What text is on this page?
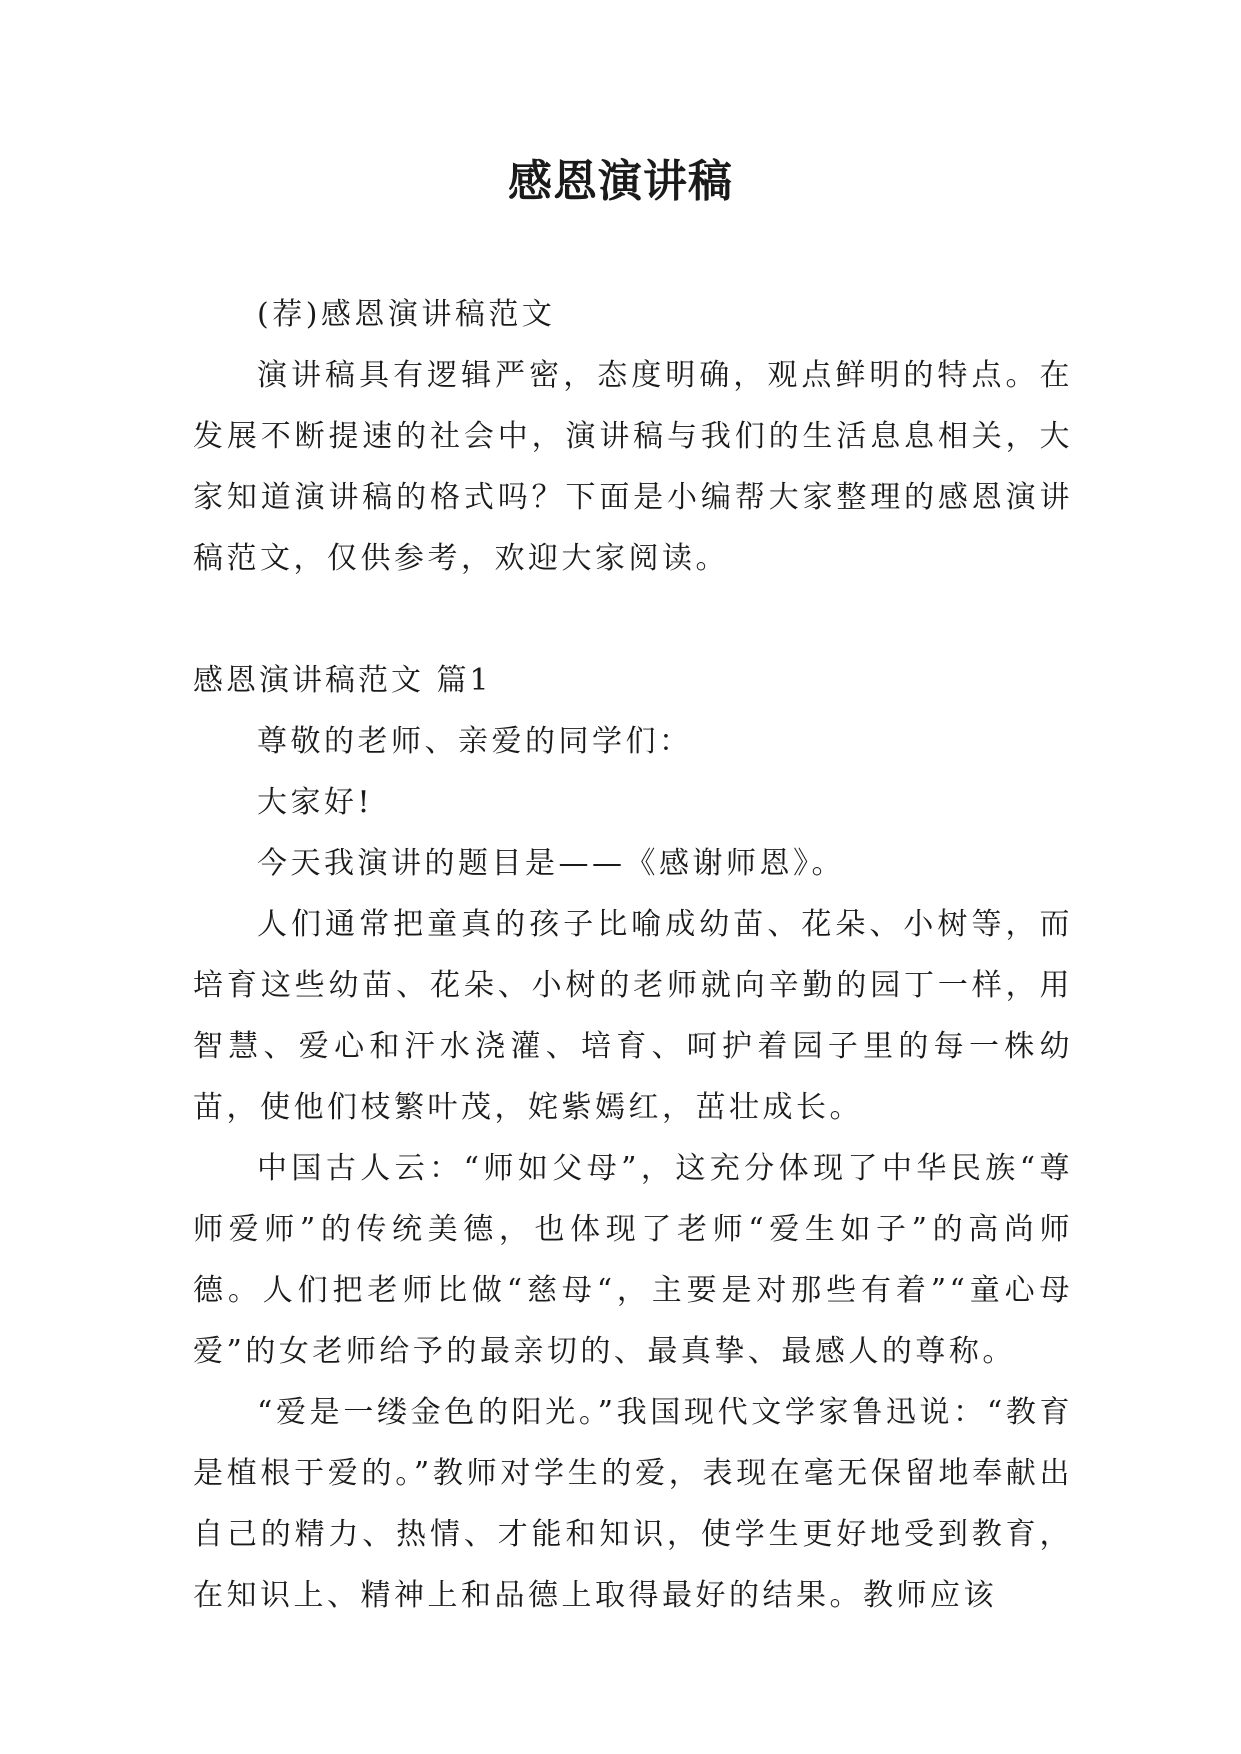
感恩演讲稿

(荐)感恩演讲稿范文

演讲稿具有逻辑严密，态度明确，观点鲜明的特点。在发展不断提速的社会中，演讲稿与我们的生活息息相关，大家知道演讲稿的格式吗？下面是小编帮大家整理的感恩演讲稿范文，仅供参考，欢迎大家阅读。

感恩演讲稿范文 篇1

尊敬的老师、亲爱的同学们：

大家好!

今天我演讲的题目是——《感谢师恩》。

人们通常把童真的孩子比喻成幼苗、花朵、小树等，而培育这些幼苗、花朵、小树的老师就向辛勤的园丁一样，用智慧、爱心和汗水浇灌、培育、呵护着园子里的每一株幼苗，使他们枝繁叶茂，姹紫嫣红，茁壮成长。

中国古人云：“师如父母”，这充分体现了中华民族“尊师爱师”的传统美德，也体现了老师“爱生如子”的高尚师德。人们把老师比做“慈母“，主要是对那些有着”“童心母爱”的女老师给予的最亲切的、最真挚、最感人的尊称。

“爱是一缕金色的阳光。”我国现代文学家鲁迅说：“教育是植根于爱的。”教师对学生的爱，表现在毫无保留地奉献出自己的精力、热情、才能和知识，使学生更好地受到教育，在知识上、精神上和品德上取得最好的结果。教师应该
